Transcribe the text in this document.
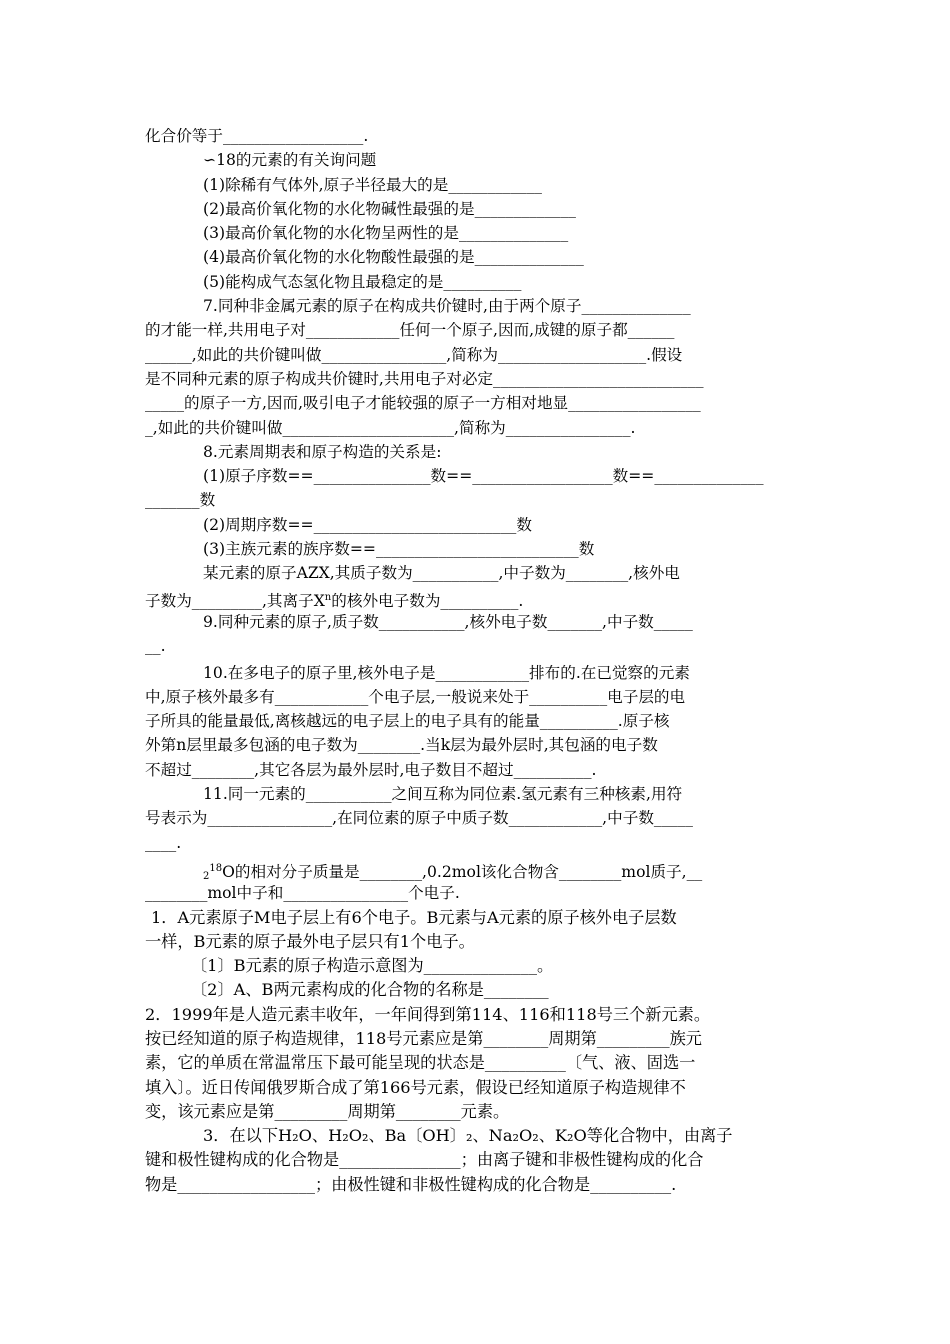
化合价等于__________________.
∽18的元素的有关询问题
(1)除稀有气体外,原子半径最大的是____________
(2)最高价氧化物的水化物碱性最强的是_____________
(3)最高价氧化物的水化物呈两性的是______________
(4)最高价氧化物的水化物酸性最强的是______________
(5)能构成气态氢化物且最稳定的是__________
7.同种非金属元素的原子在构成共价键时,由于两个原子______________
的才能一样,共用电子对____________任何一个原子,因而,成键的原子都______
______,如此的共价键叫做________________,简称为___________________.假设
是不同种元素的原子构成共价键时,共用电子对必定___________________________
_____的原子一方,因而,吸引电子才能较强的原子一方相对地显_________________
_,如此的共价键叫做______________________,简称为________________.
8.元素周期表和原子构造的关系是:
(1)原子序数==_______________数==__________________数==______________
_______数
(2)周期序数==__________________________数
(3)主族元素的族序数==__________________________数
某元素的原子AZX,其质子数为___________,中子数为________,核外电
子数为_________,其离子$X^n$的核外电子数为__________.
9.同种元素的原子,质子数___________,核外电子数_______,中子数_____
__.
10.在多电子的原子里,核外电子是____________排布的.在已觉察的元素
中,原子核外最多有____________个电子层,一般说来处于__________电子层的电
子所具的能量最低,离核越远的电子层上的电子具有的能量__________.原子核
外第n层里最多包涵的电子数为________.当k层为最外层时,其包涵的电子数
不超过________,其它各层为最外层时,电子数目不超过__________.
11.同一元素的___________之间互称为同位素.氢元素有三种核素,用符
号表示为________________,在同位素的原子中质子数____________,中子数_____
____.
$_2^{18}$O的相对分子质量是________,0.2mol该化合物含________mol质子,__
________mol中子和________________个电子.
1．A元素原子M电子层上有6个电子。B元素与A元素的原子核外电子层数
一样，B元素的原子最外电子层只有1个电子。
〔1〕B元素的原子构造示意图为______________。
〔2〕A、B两元素构成的化合物的名称是________
2．1999年是人造元素丰收年，一年间得到第114、116和118号三个新元素。
按已经知道的原子构造规律，118号元素应是第________周期第_________族元
素，它的单质在常温常压下最可能呈现的状态是__________〔气、液、固选一
填入〕。近日传闻俄罗斯合成了第166号元素，假设已经知道原子构造规律不
变，该元素应是第_________周期第________元素。
3．在以下H₂O、H₂O₂、Ba〔OH〕₂、Na₂O₂、K₂O等化合物中，由离子
键和极性键构成的化合物是_______________；由离子键和非极性键构成的化合
物是_________________；由极性键和非极性键构成的化合物是__________.
